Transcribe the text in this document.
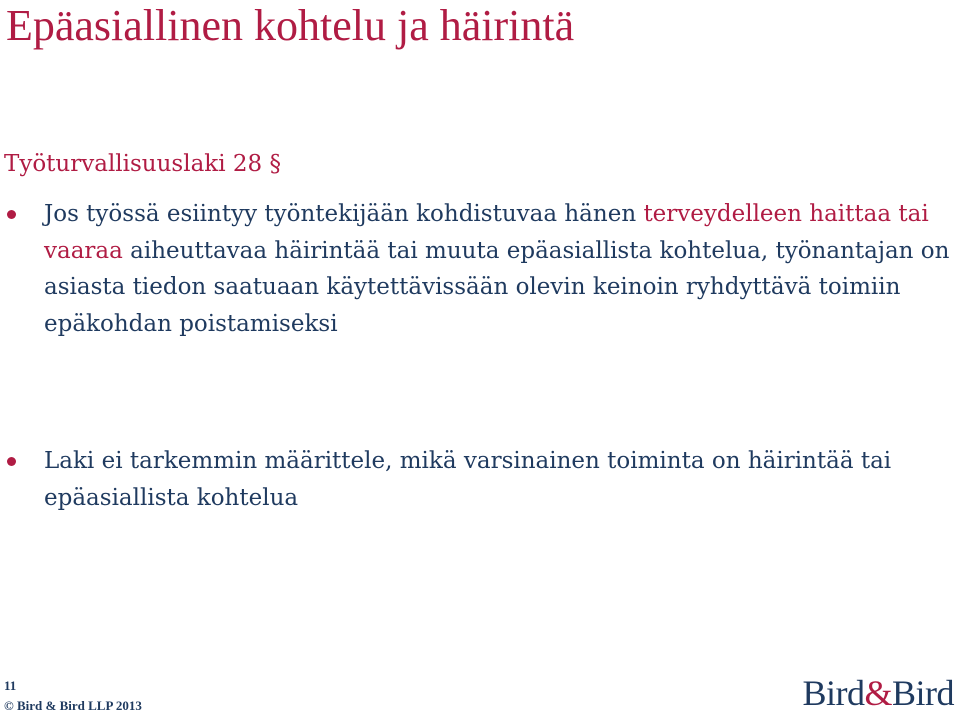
Epäasiallinen kohtelu ja häirintä
Työturvallisuuslaki 28 §
Jos työssä esiintyy työntekijään kohdistuvaa hänen terveydelleen haittaa tai vaaraa aiheuttavaa häirintää tai muuta epäasiallista kohtelua, työnantajan on asiasta tiedon saatuaan käytettävissään olevin keinoin ryhdyttävä toimiin epäkohdan poistamiseksi
Laki ei tarkemmin määrittele, mikä varsinainen toiminta on häirintää tai epäasiallista kohtelua
11
© Bird & Bird LLP 2013	Bird&Bird
